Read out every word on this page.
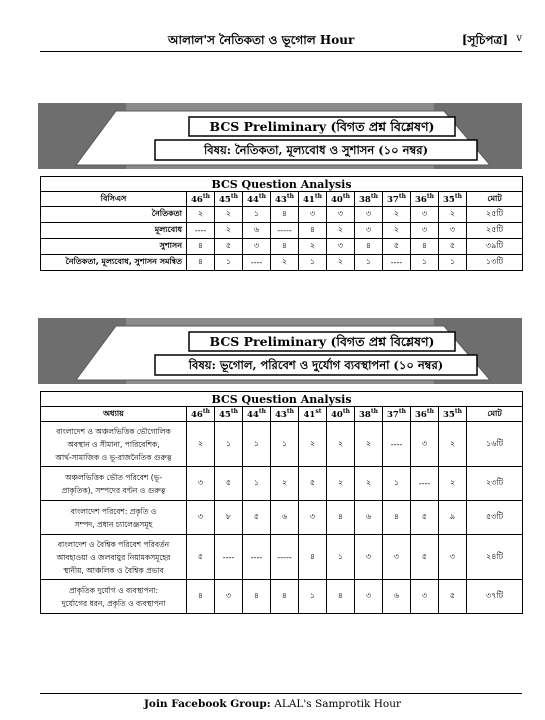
আলাল'স নৈতিকতা ও ভূগোল Hour	[সূচিপত্র] v
BCS Preliminary (বিগত প্রশ্ন বিশ্লেষণ)
বিষয়: নৈতিকতা, মূল্যবোধ ও সুশাসন (১০ নম্বর)
BCS Question Analysis											
বিসিএস	46th	45th	44th	43th	41th	40th	38th	37th	36th	35th	মোট
নৈতিকতা	২	২	১	৪	৩	৩	৩	২	৩	২	২৫টি
মূল্যবোধ	----	২	৬	-----	৪	২	৩	২	৩	৩	২৫টি
সুশাসন	৪	৫	৩	৪	২	৩	৪	৫	৪	৫	৩৯টি
নৈতিকতা, মূল্যবোধ, সুশাসন সমন্বিত	৪	১	----	২	১	২	১	----	১	১	১৩টি
BCS Preliminary (বিগত প্রশ্ন বিশ্লেষণ)
বিষয়: ভূগোল, পরিবেশ ও দুর্যোগ ব্যবস্থাপনা (১০ নম্বর)
BCS Question Analysis											
অধ্যায়	46th	45th	44th	43th	41st	40th	38th	37th	36th	35th	মোট

বাংলাদেশ ও অঞ্চলভিত্তিক ভৌগোলিক
অবস্থান ও সীমানা, পারিবেশিক,
আর্থ-সামাজিক ও ভূ-রাজনৈতিক গুরুত্ব	২	১	১	১	২	২	২	----	৩	২	১৬টি

অঞ্চলভিত্তিক ভৌত পরিবেশ (ভূ-
প্রাকৃতিক), সম্পদের বণ্টন ও গুরুত্ব	৩	৫	১	২	৫	২	২	১	----	২	২৩টি

বাংলাদেশ পরিবেশ: প্রকৃতি ও
সম্পদ, প্রধান চ্যালেঞ্জসমূহ	৩	৮	৫	৬	৩	৪	৬	৪	৫	৯	৫৩টি

বাংলাদেশ ও বৈশ্বিক পরিবেশ পরিবর্তন
আবহাওয়া ও জলবায়ুর নিয়ামকসমূহের
স্থানীয়, আঞ্চলিক ও বৈশ্বিক প্রভাব	৫	----	----	-----	৪	১	৩	৩	৫	৩	২৪টি

প্রাকৃতিক দুর্যোগ ও ব্যবস্থাপনা:
দুর্যোগের ধরন, প্রকৃতি ও ব্যবস্থাপনা	৪	৩	৪	৪	১	৪	৩	৬	৩	৫	৩৭টি
Join Facebook Group: ALAL's Samprotik Hour
